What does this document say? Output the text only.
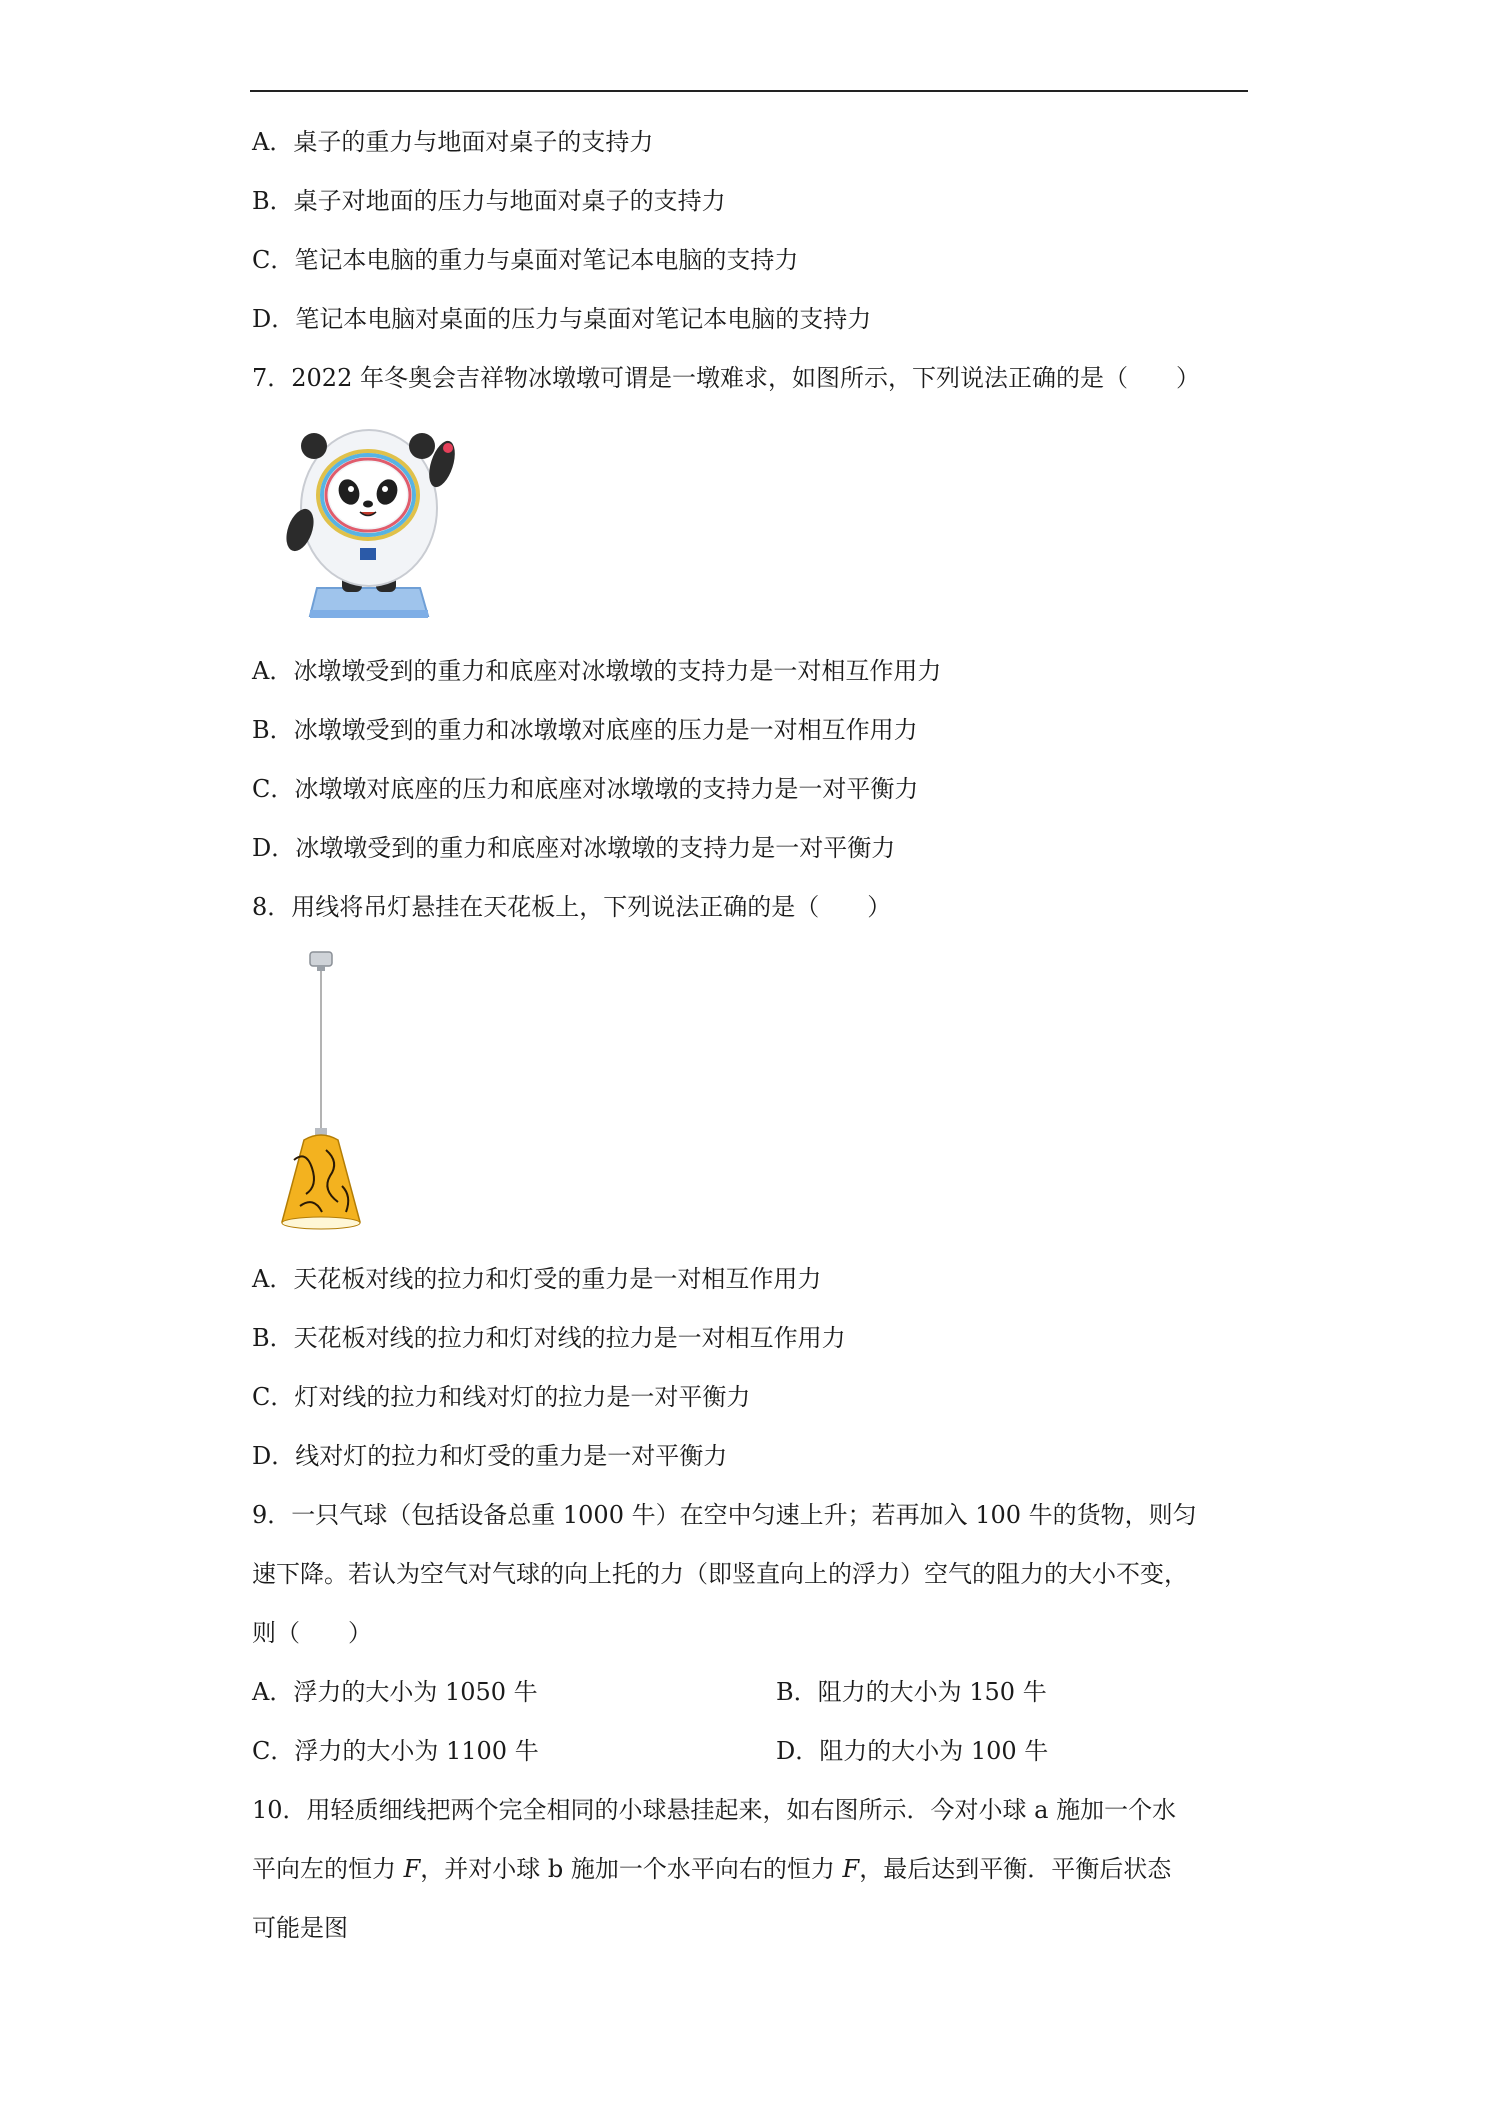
A．桌子的重力与地面对桌子的支持力
B．桌子对地面的压力与地面对桌子的支持力
C．笔记本电脑的重力与桌面对笔记本电脑的支持力
D．笔记本电脑对桌面的压力与桌面对笔记本电脑的支持力
7．2022 年冬奥会吉祥物冰墩墩可谓是一墩难求，如图所示，下列说法正确的是（　　）
A．冰墩墩受到的重力和底座对冰墩墩的支持力是一对相互作用力
B．冰墩墩受到的重力和冰墩墩对底座的压力是一对相互作用力
C．冰墩墩对底座的压力和底座对冰墩墩的支持力是一对平衡力
D．冰墩墩受到的重力和底座对冰墩墩的支持力是一对平衡力
8．用线将吊灯悬挂在天花板上，下列说法正确的是（　　）
A．天花板对线的拉力和灯受的重力是一对相互作用力
B．天花板对线的拉力和灯对线的拉力是一对相互作用力
C．灯对线的拉力和线对灯的拉力是一对平衡力
D．线对灯的拉力和灯受的重力是一对平衡力
9．一只气球（包括设备总重 1000 牛）在空中匀速上升；若再加入 100 牛的货物，则匀
速下降。若认为空气对气球的向上托的力（即竖直向上的浮力）空气的阻力的大小不变，
则（　　）
A．浮力的大小为 1050 牛	B．阻力的大小为 150 牛
C．浮力的大小为 1100 牛	D．阻力的大小为 100 牛
10．用轻质细线把两个完全相同的小球悬挂起来，如右图所示．今对小球 a 施加一个水
平向左的恒力 F，并对小球 b 施加一个水平向右的恒力 F，最后达到平衡．平衡后状态
可能是图
